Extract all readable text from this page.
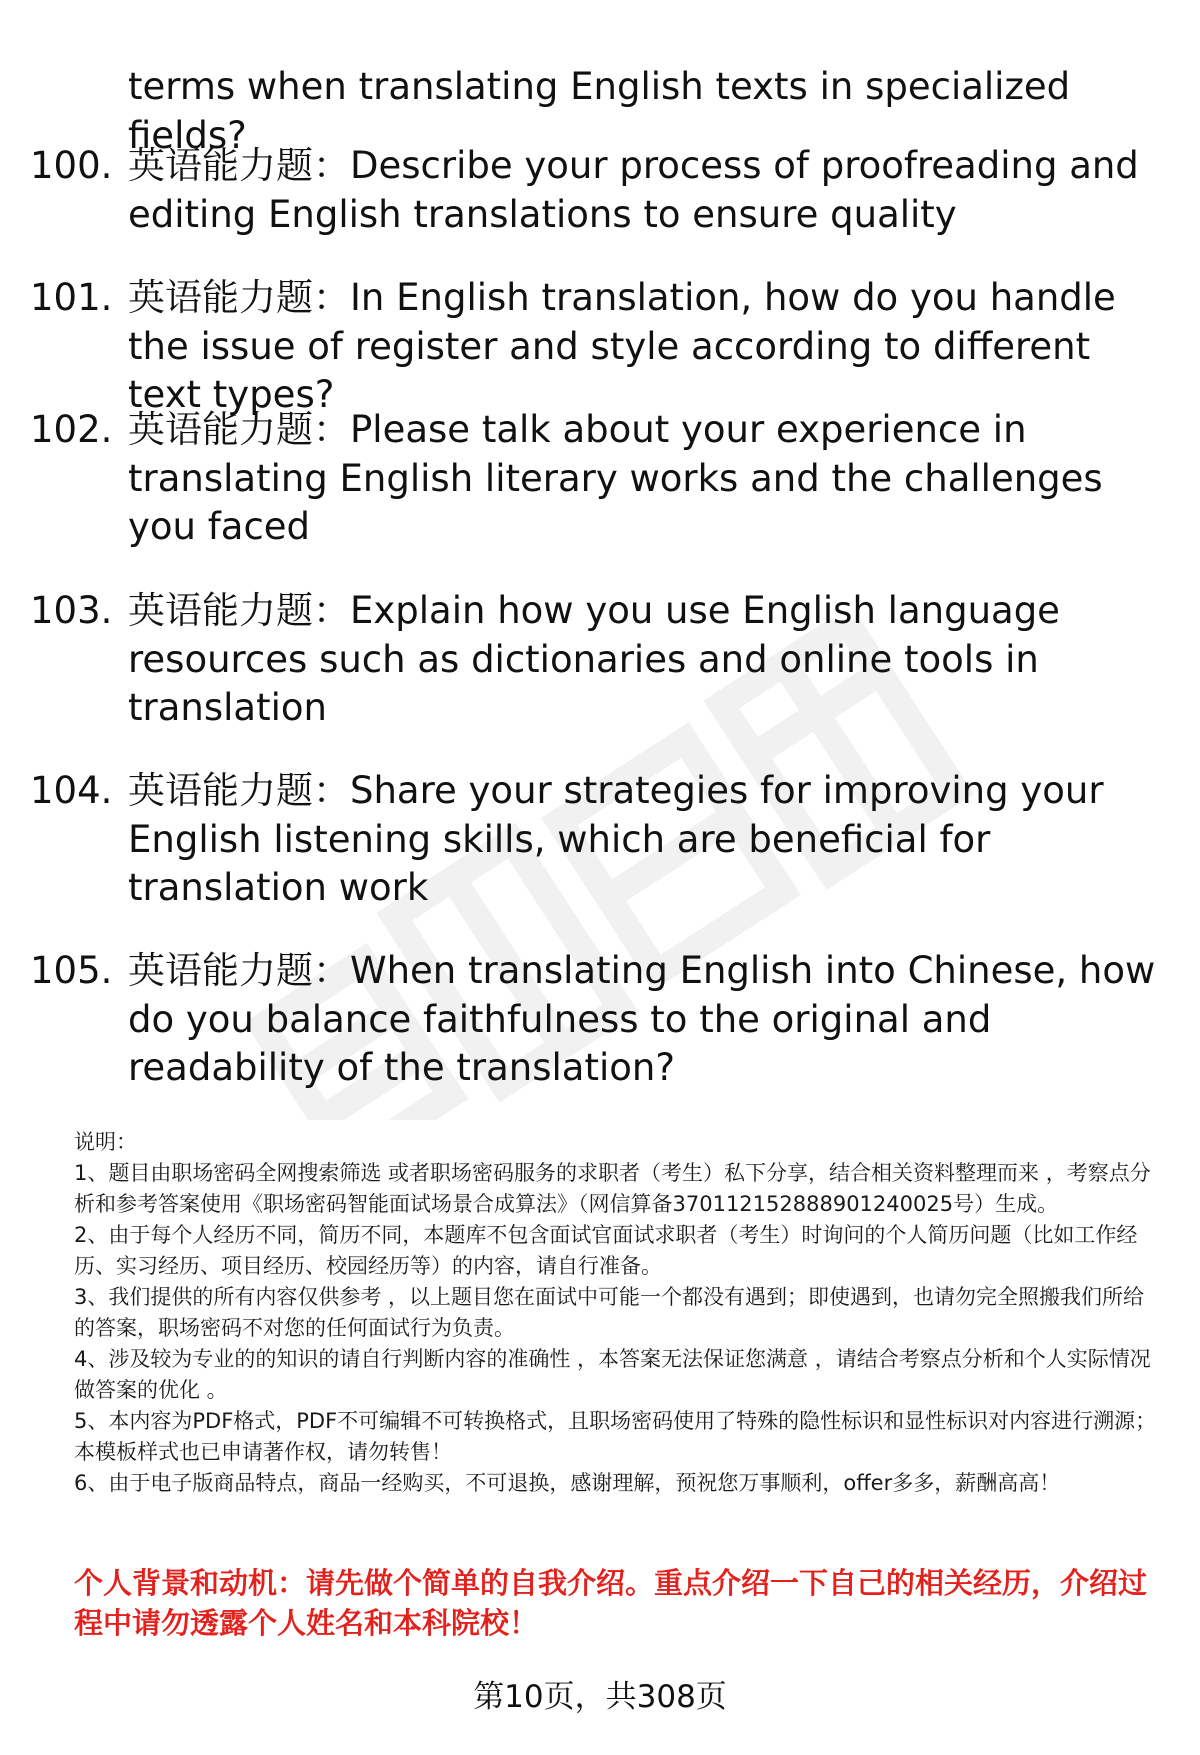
terms when translating English texts in specialized fields?
100. 英语能力题：Describe your process of proofreading and editing English translations to ensure quality
101. 英语能力题：In English translation, how do you handle the issue of register and style according to different text types?
102. 英语能力题：Please talk about your experience in translating English literary works and the challenges you faced
103. 英语能力题：Explain how you use English language resources such as dictionaries and online tools in translation
104. 英语能力题：Share your strategies for improving your English listening skills, which are beneficial for translation work
105. 英语能力题：When translating English into Chinese, how do you balance faithfulness to the original and readability of the translation?
说明：
1、题目由职场密码全网搜索筛选 或者职场密码服务的求职者（考生）私下分享，结合相关资料整理而来 ，考察点分析和参考答案使用《职场密码智能面试场景合成算法》（网信算备370112152888901240025号）生成。
2、由于每个人经历不同，简历不同，本题库不包含面试官面试求职者（考生）时询问的个人简历问题（比如工作经历、实习经历、项目经历、校园经历等）的内容，请自行准备。
3、我们提供的所有内容仅供参考 ，以上题目您在面试中可能一个都没有遇到；即使遇到，也请勿完全照搬我们所给的答案，职场密码不对您的任何面试行为负责。
4、涉及较为专业的的知识的请自行判断内容的准确性 ，本答案无法保证您满意 ，请结合考察点分析和个人实际情况做答案的优化 。
5、本内容为PDF格式，PDF不可编辑不可转换格式，且职场密码使用了特殊的隐性标识和显性标识对内容进行溯源；本模板样式也已申请著作权，请勿转售！
6、由于电子版商品特点，商品一经购买，不可退换，感谢理解，预祝您万事顺利，offer多多，薪酬高高！
个人背景和动机：请先做个简单的自我介绍。重点介绍一下自己的相关经历，介绍过程中请勿透露个人姓名和本科院校！
第10页，共308页
